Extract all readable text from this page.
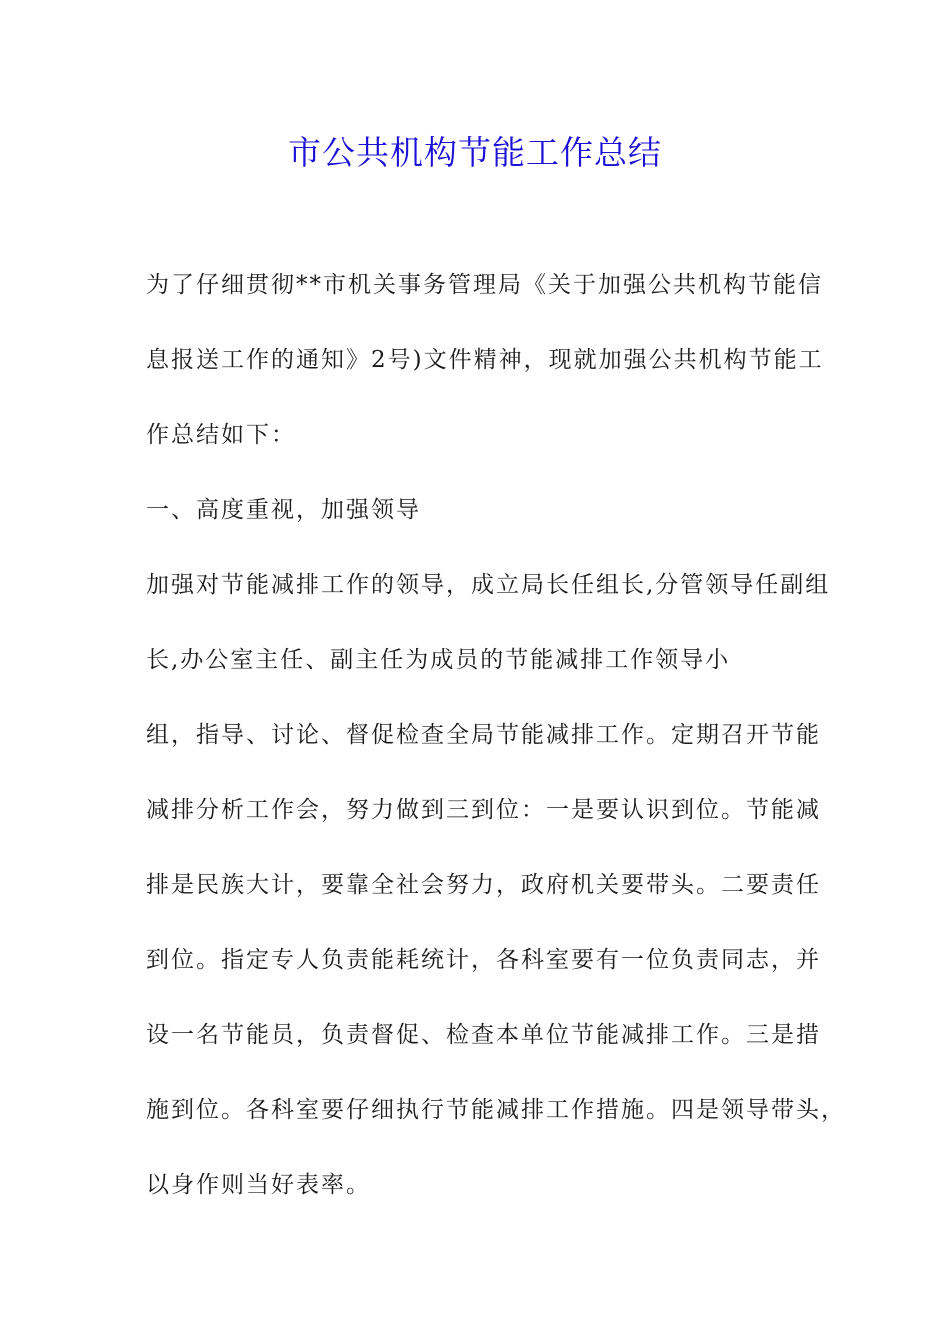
市公共机构节能工作总结

为了仔细贯彻**市机关事务管理局《关于加强公共机构节能信

息报送工作的通知》2号)文件精神，现就加强公共机构节能工

作总结如下：

一、高度重视，加强领导

加强对节能减排工作的领导，成立局长任组长,分管领导任副组

长,办公室主任、副主任为成员的节能减排工作领导小

组，指导、讨论、督促检查全局节能减排工作。定期召开节能

减排分析工作会，努力做到三到位：一是要认识到位。节能减

排是民族大计，要靠全社会努力，政府机关要带头。二要责任

到位。指定专人负责能耗统计，各科室要有一位负责同志，并

设一名节能员，负责督促、检查本单位节能减排工作。三是措

施到位。各科室要仔细执行节能减排工作措施。四是领导带头，

以身作则当好表率。
